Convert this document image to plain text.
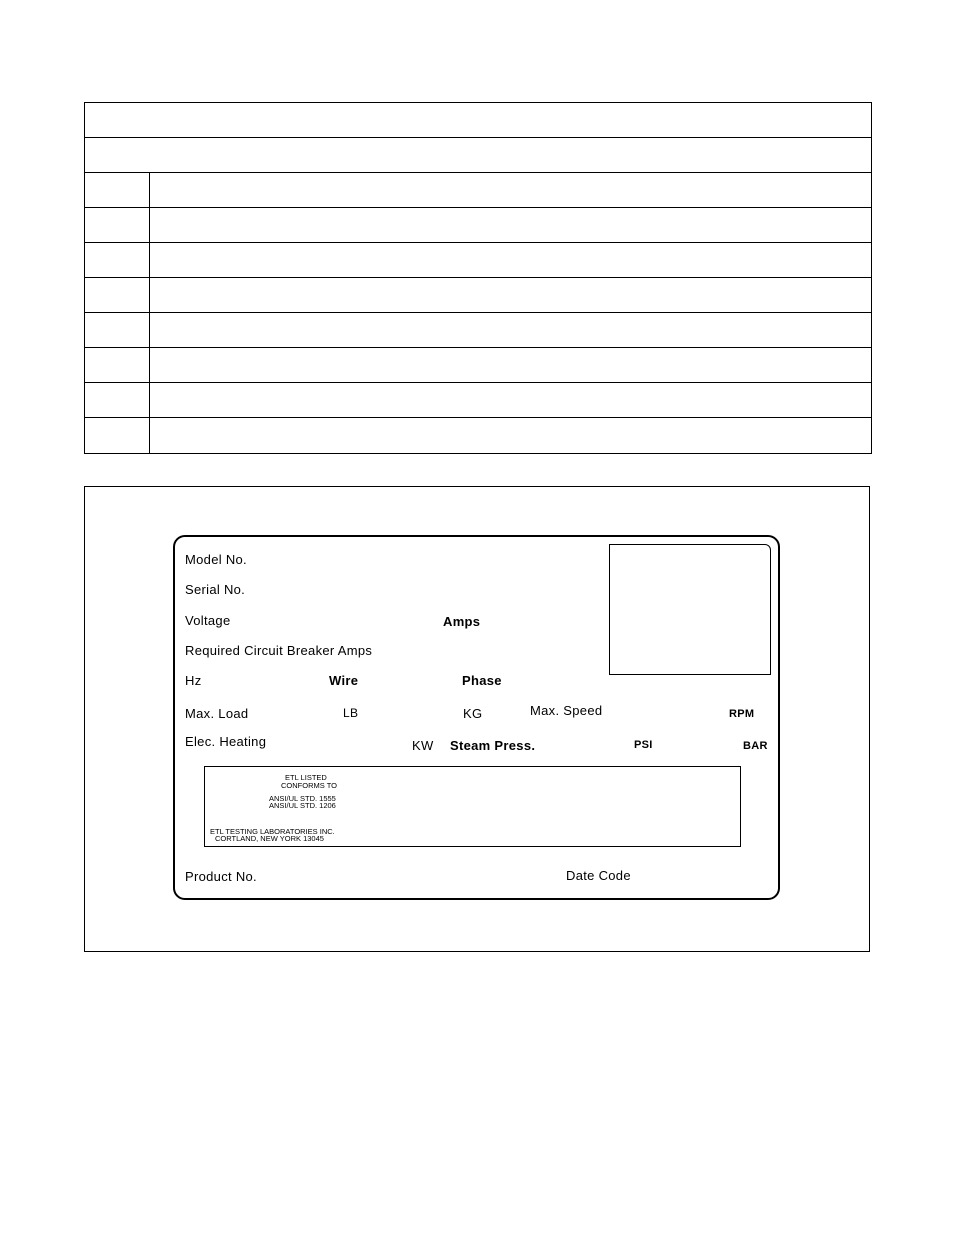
Model No.
Serial No.
Voltage	Amps
Required Circuit Breaker Amps
Hz	Wire	Phase
Max. Load	LB	KG	Max. Speed	RPM
Elec. Heating	KW Steam Press.	PSI	BAR
ETL LISTED
CONFORMS TO
ANSI/UL STD. 1555
ANSI/UL STD. 1206
ETL TESTING LABORATORIES INC.
CORTLAND, NEW YORK 13045
Product No.	Date Code
